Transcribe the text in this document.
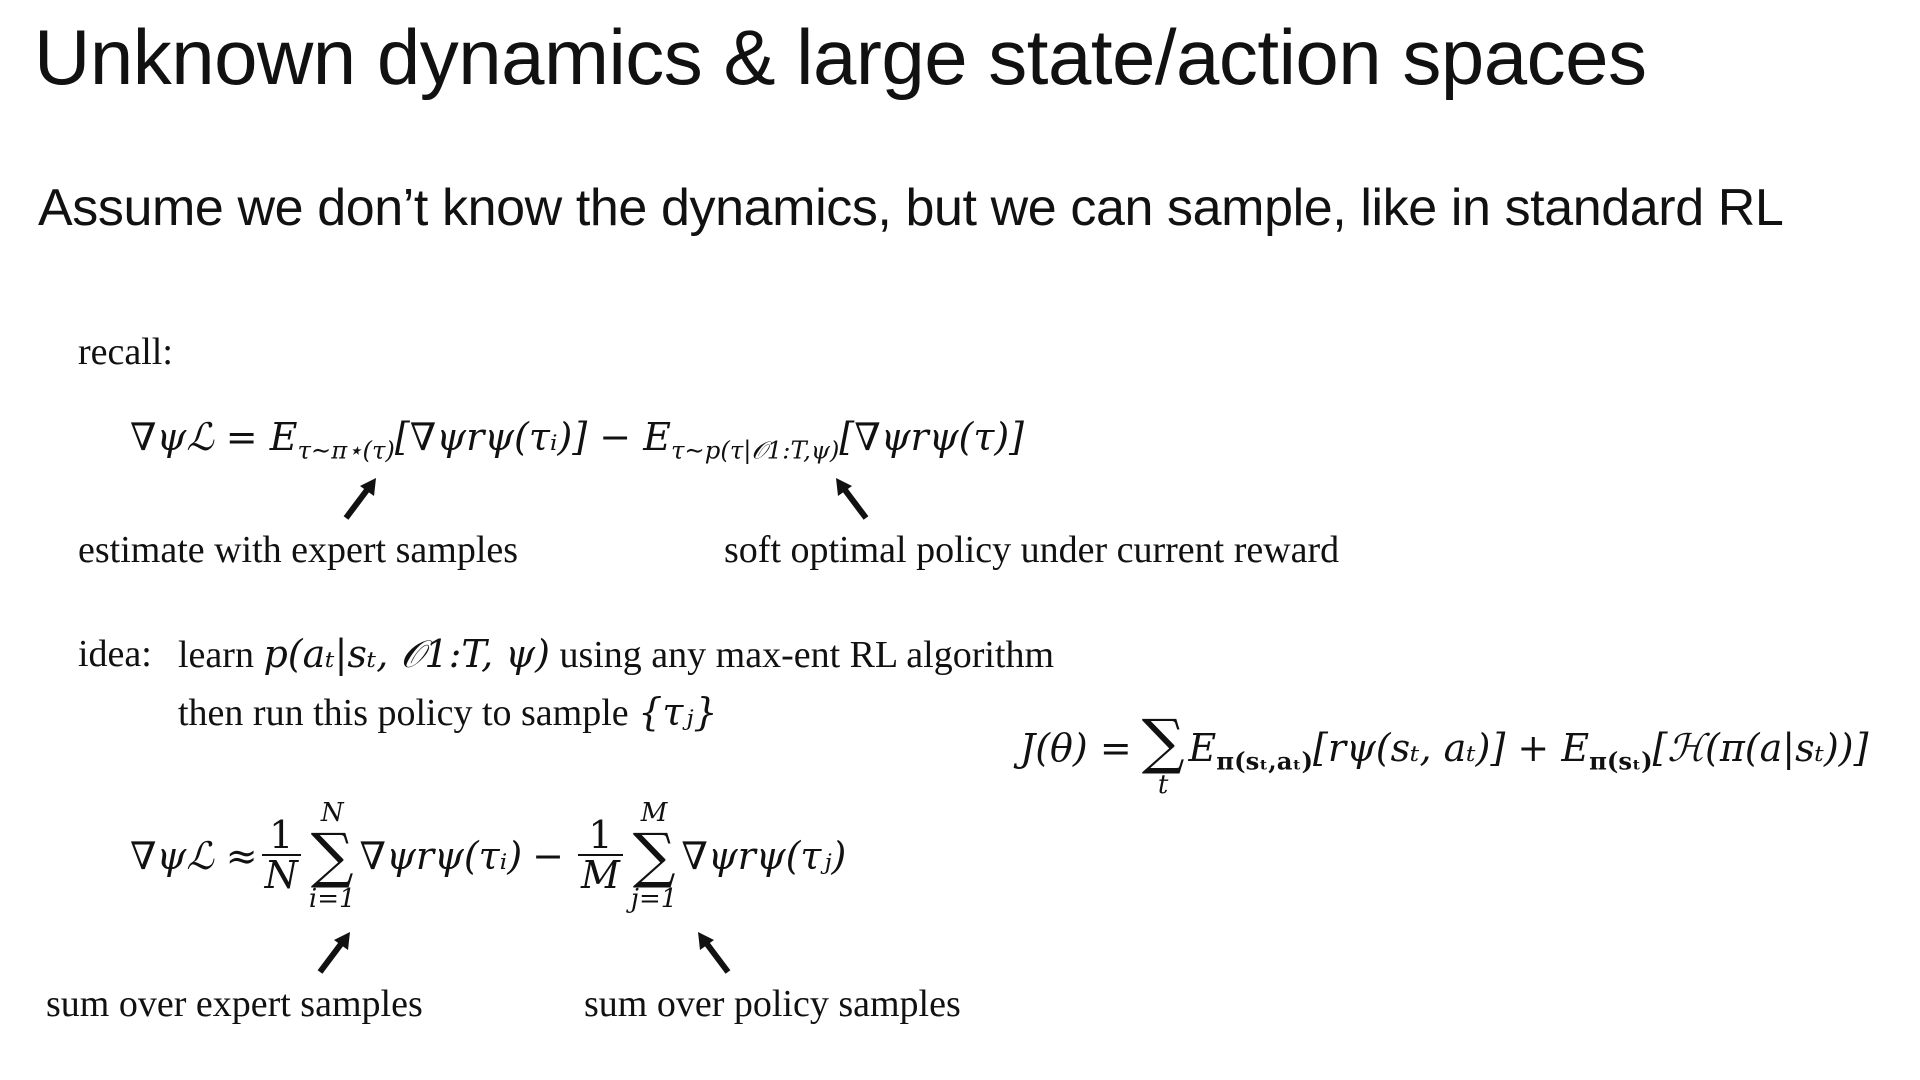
Unknown dynamics & large state/action spaces
Assume we don’t know the dynamics, but we can sample, like in standard RL
recall:
∇ψℒ = $E_{\tau\sim\pi⋆(\tau)}[\nabla\psi r\psi(\tau ᵢ)] - E_{\tau\sim p(\tau|𝒪1:T,\psi)}[\nabla\psi r\psi(\tau)]$
estimate with expert samples	soft optimal policy under current reward
idea: learn p(aₜ|sₜ, 𝒪1:T, ψ) using any max-ent RL algorithm
then run this policy to sample {τⱼ}
J(θ) = ∑
t
$E_{\pi(s_t,a_t)}[r\psi(s_t$, $a_t)] + E_{\pi(s_t)}[ℋ(\pi(a|s_t))]$
∇ψℒ ≈ $\frac{1}{N}$
N
∑
i=1
∇ψrψ(τᵢ) − $\frac{1}{M}$
M
∑
j=1
∇ψrψ(τⱼ)
sum over expert samples	sum over policy samples
